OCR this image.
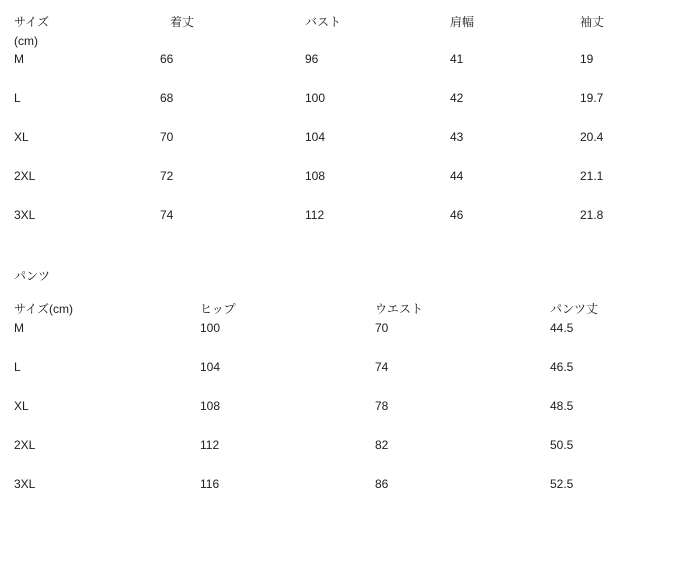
サイズ
(cm)	着丈	バスト	肩幅	袖丈
M	66	96	41	19
L	68	100	42	19.7
XL	70	104	43	20.4
2XL	72	108	44	21.1
3XL	74	112	46	21.8
パンツ
サイズ(cm)	ヒップ	ウエスト	パンツ丈
M	100	70	44.5
L	104	74	46.5
XL	108	78	48.5
2XL	112	82	50.5
3XL	116	86	52.5
